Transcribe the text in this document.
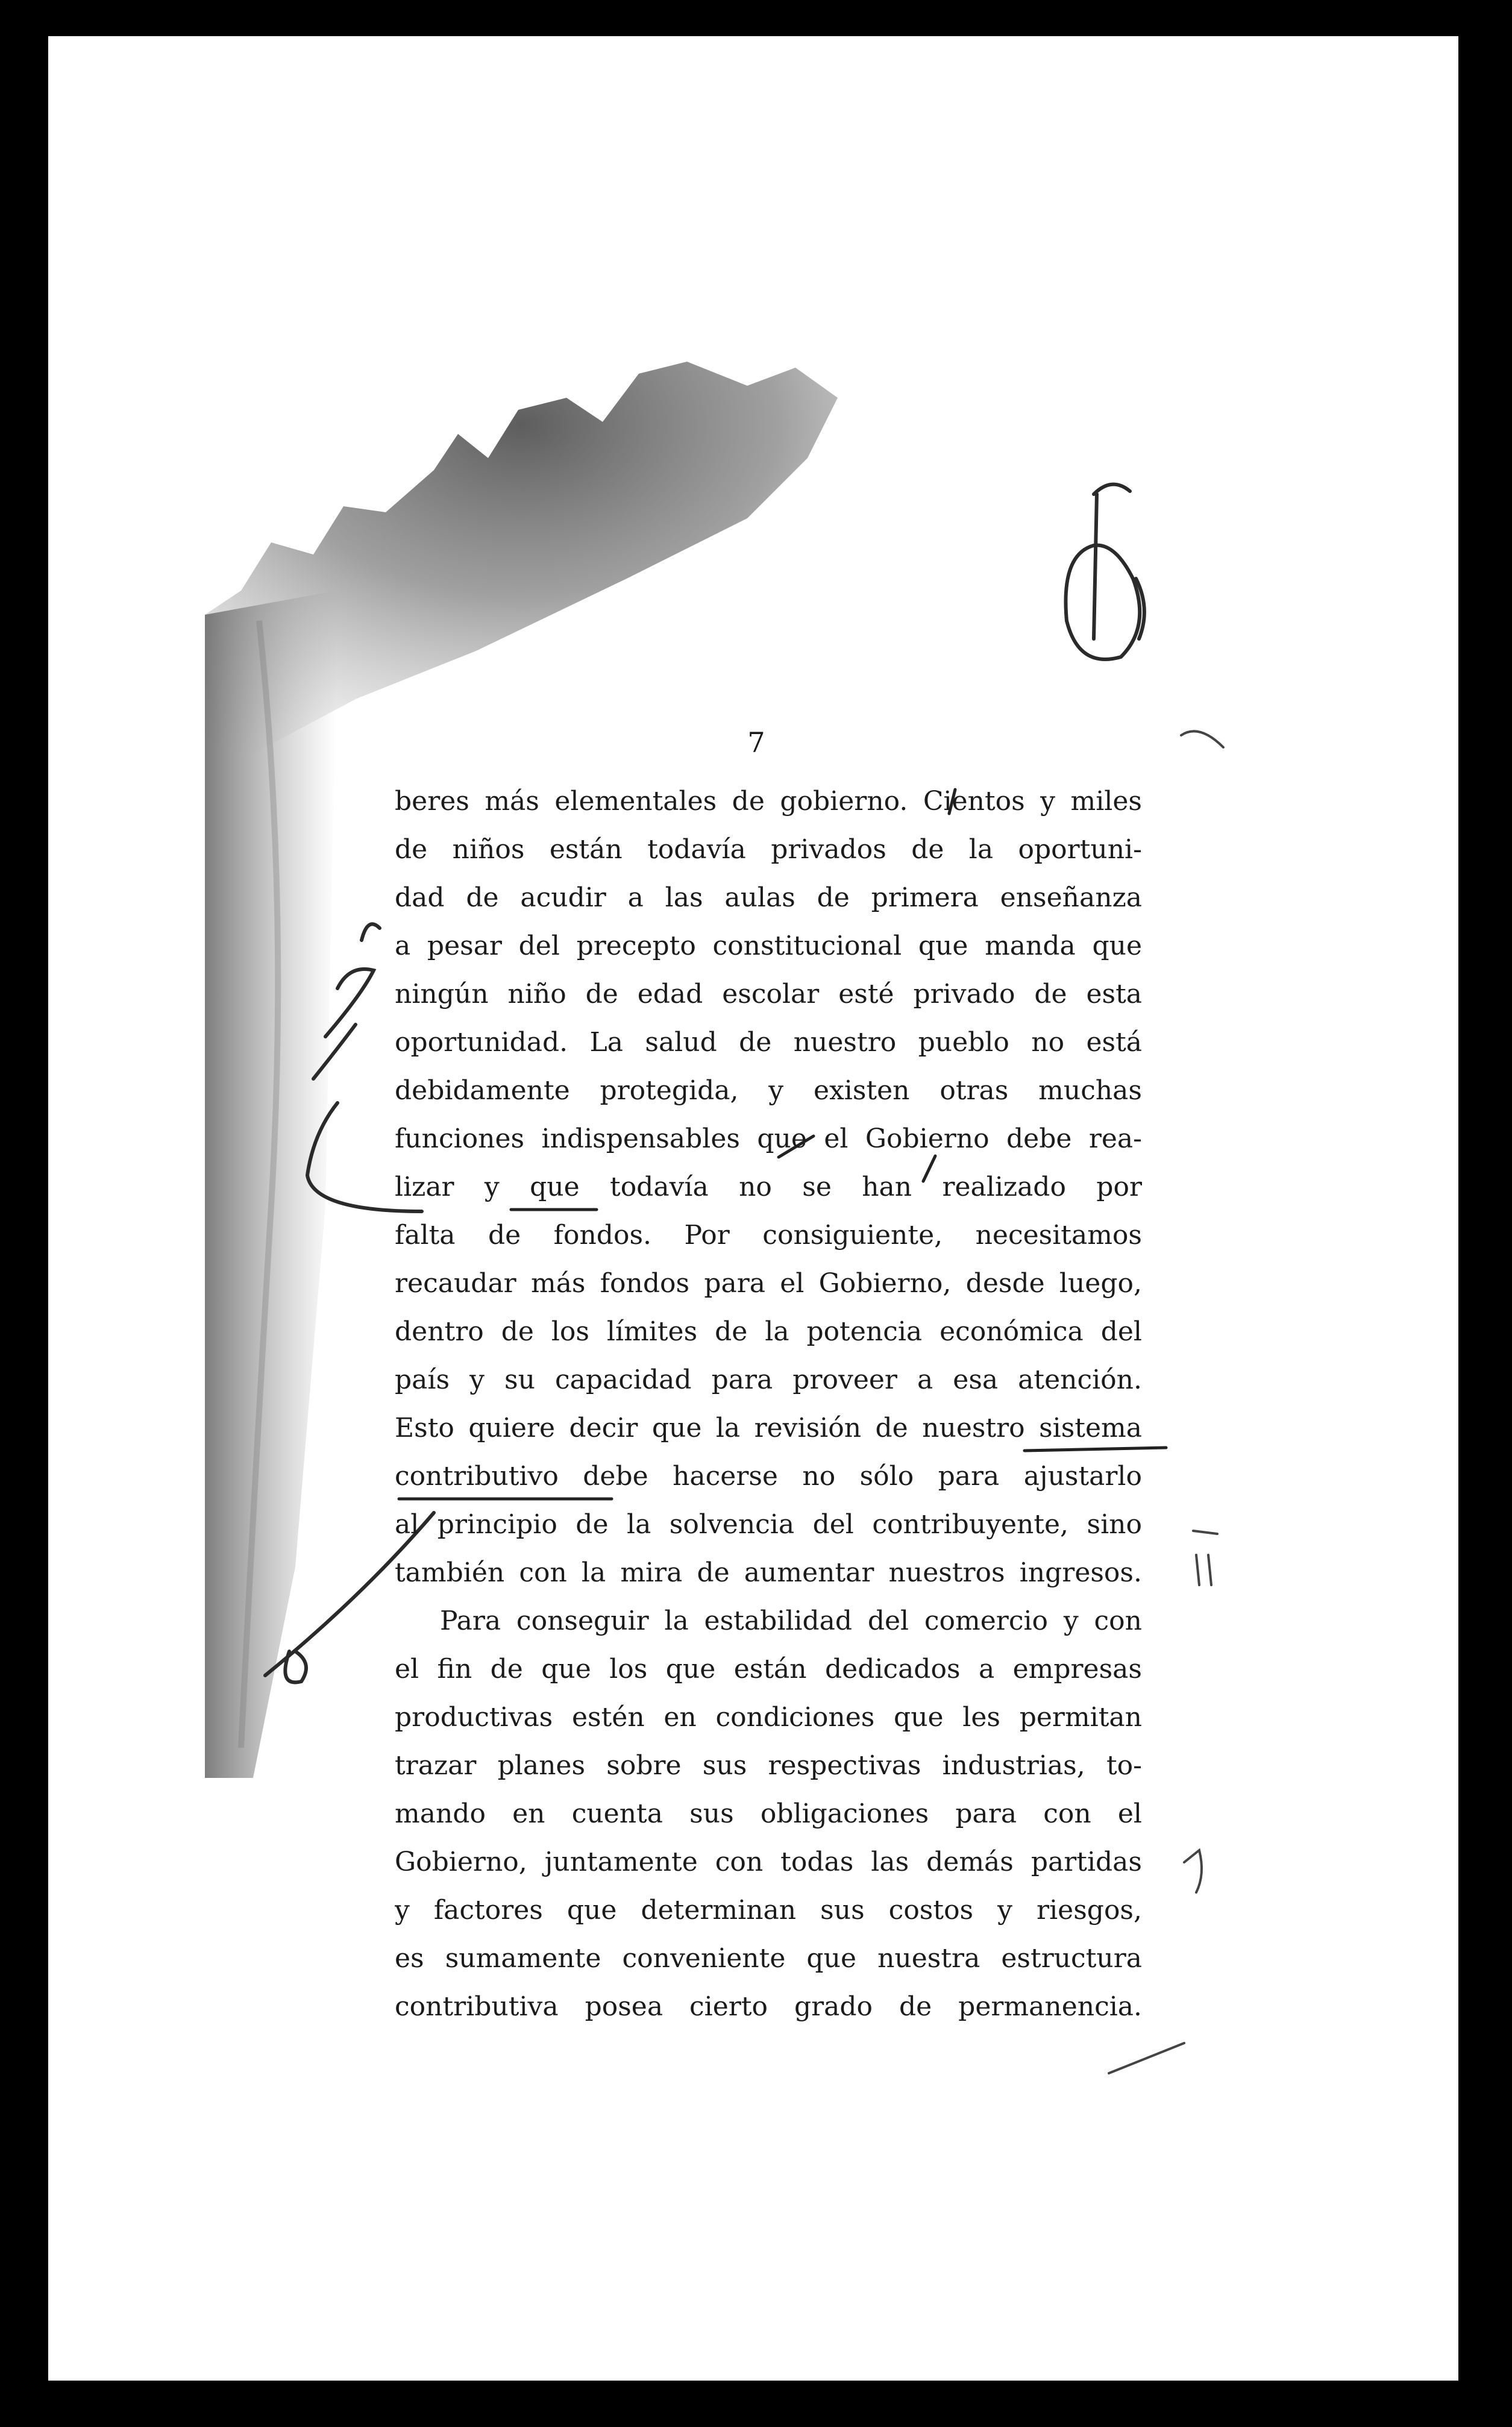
7
beres más elementales de gobierno. Cientos y miles
de niños están todavía privados de la oportuni-
dad de acudir a las aulas de primera enseñanza
a pesar del precepto constitucional que manda que
ningún niño de edad escolar esté privado de esta
oportunidad. La salud de nuestro pueblo no está
debidamente protegida, y existen otras muchas
funciones indispensables que el Gobierno debe rea-
lizar y que todavía no se han realizado por
falta de fondos. Por consiguiente, necesitamos
recaudar más fondos para el Gobierno, desde luego,
dentro de los límites de la potencia económica del
país y su capacidad para proveer a esa atención.
Esto quiere decir que la revisión de nuestro sistema
contributivo debe hacerse no sólo para ajustarlo
al principio de la solvencia del contribuyente, sino
también con la mira de aumentar nuestros ingresos.
Para conseguir la estabilidad del comercio y con
el fin de que los que están dedicados a empresas
productivas estén en condiciones que les permitan
trazar planes sobre sus respectivas industrias, to-
mando en cuenta sus obligaciones para con el
Gobierno, juntamente con todas las demás partidas
y factores que determinan sus costos y riesgos,
es sumamente conveniente que nuestra estructura
contributiva posea cierto grado de permanencia.
